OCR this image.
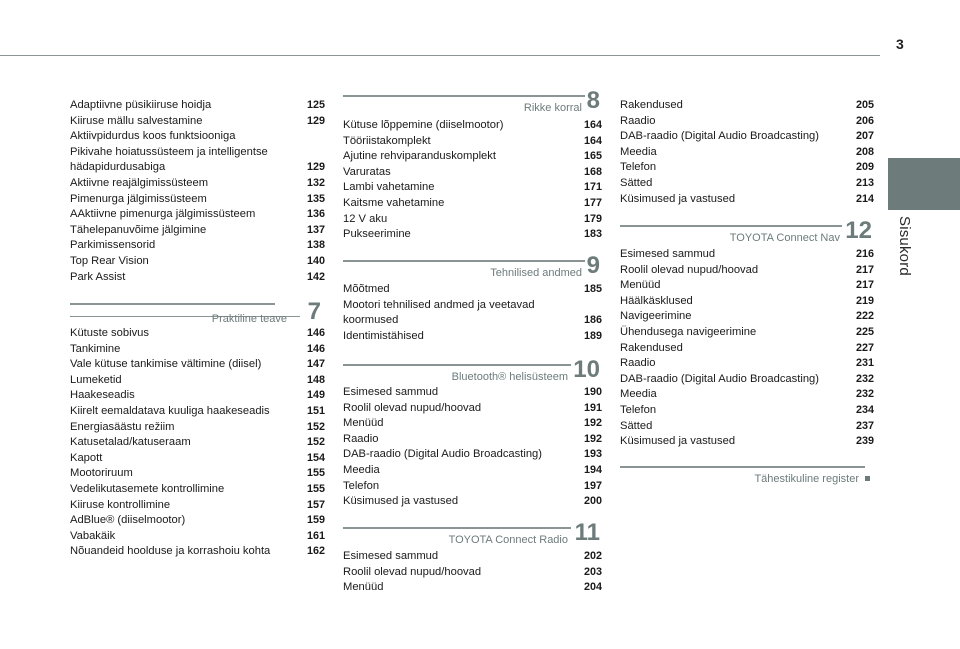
3
Sisukord
Adaptiivne püsikiiruse hoidja	125
Kiiruse mällu salvestamine	129
Aktiivpidurdus koos funktsiooniga
Pikivahe hoiatussüsteem ja intelligentse
hädapidurdusabiga	129
Aktiivne reajälgimissüsteem	132
Pimenurga jälgimissüsteem	135
AAktiivne pimenurga jälgimissüsteem	136
Tähelepanuvõime jälgimine	137
Parkimissensorid	138
Top Rear Vision	140
Park Assist	142
Praktiline teave 7
Kütuste sobivus	146
Tankimine	146
Vale kütuse tankimise vältimine (diisel)	147
Lumeketid	148
Haakeseadis	149
Kiirelt eemaldatava kuuliga haakeseadis	151
Energiasäästu režiim	152
Katusetalad/katuseraam	152
Kapott	154
Mootoriruum	155
Vedelikutasemete kontrollimine	155
Kiiruse kontrollimine	157
AdBlue® (diiselmootor)	159
Vabakäik	161
Nõuandeid hoolduse ja korrashoiu kohta	162
Rikke korral 8
Kütuse lõppemine (diiselmootor)	164
Tööriistakomplekt	164
Ajutine rehviparanduskomplekt	165
Varuratas	168
Lambi vahetamine	171
Kaitsme vahetamine	177
12 V aku	179
Pukseerimine	183
Tehnilised andmed 9
Mõõtmed	185
Mootori tehnilised andmed ja veetavad
koormused	186
Identimistähised	189
Bluetooth® helisüsteem 10
Esimesed sammud	190
Roolil olevad nupud/hoovad	191
Menüüd	192
Raadio	192
DAB-raadio (Digital Audio Broadcasting)	193
Meedia	194
Telefon	197
Küsimused ja vastused	200
TOYOTA Connect Radio 11
Esimesed sammud	202
Roolil olevad nupud/hoovad	203
Menüüd	204
Rakendused	205
Raadio	206
DAB-raadio (Digital Audio Broadcasting)	207
Meedia	208
Telefon	209
Sätted	213
Küsimused ja vastused	214
TOYOTA Connect Nav 12
Esimesed sammud	216
Roolil olevad nupud/hoovad	217
Menüüd	217
Häälkäsklused	219
Navigeerimine	222
Ühendusega navigeerimine	225
Rakendused	227
Raadio	231
DAB-raadio (Digital Audio Broadcasting)	232
Meedia	232
Telefon	234
Sätted	237
Küsimused ja vastused	239
Tähestikuline register
